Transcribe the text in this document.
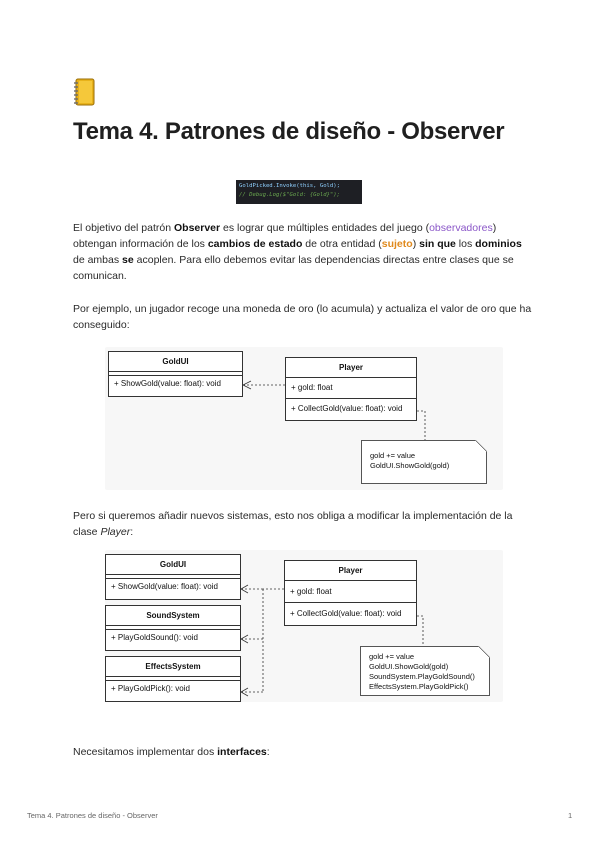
Tema 4. Patrones de diseño - Observer
GoldPicked.Invoke(this, Gold);
// Debug.Log($"Gold: {Gold}");
El objetivo del patrón Observer es lograr que múltiples entidades del juego (observadores) obtengan información de los cambios de estado de otra entidad (sujeto) sin que los dominios de ambas se acoplen. Para ello debemos evitar las dependencias directas entre clases que se comunican.
Por ejemplo, un jugador recoge una moneda de oro (lo acumula) y actualiza el valor de oro que ha conseguido:
GoldUI
+ ShowGold(value: float): void
Player
+ gold: float
+ CollectGold(value: float): void
gold += value
GoldUI.ShowGold(gold)
Pero si queremos añadir nuevos sistemas, esto nos obliga a modificar la implementación de la clase Player:
GoldUI
+ ShowGold(value: float): void
SoundSystem
+ PlayGoldSound(): void
EffectsSystem
+ PlayGoldPick(): void
Player
+ gold: float
+ CollectGold(value: float): void
gold += value
GoldUI.ShowGold(gold)
SoundSystem.PlayGoldSound()
EffectsSystem.PlayGoldPick()
Necesitamos implementar dos interfaces:
Tema 4. Patrones de diseño - Observer	1
